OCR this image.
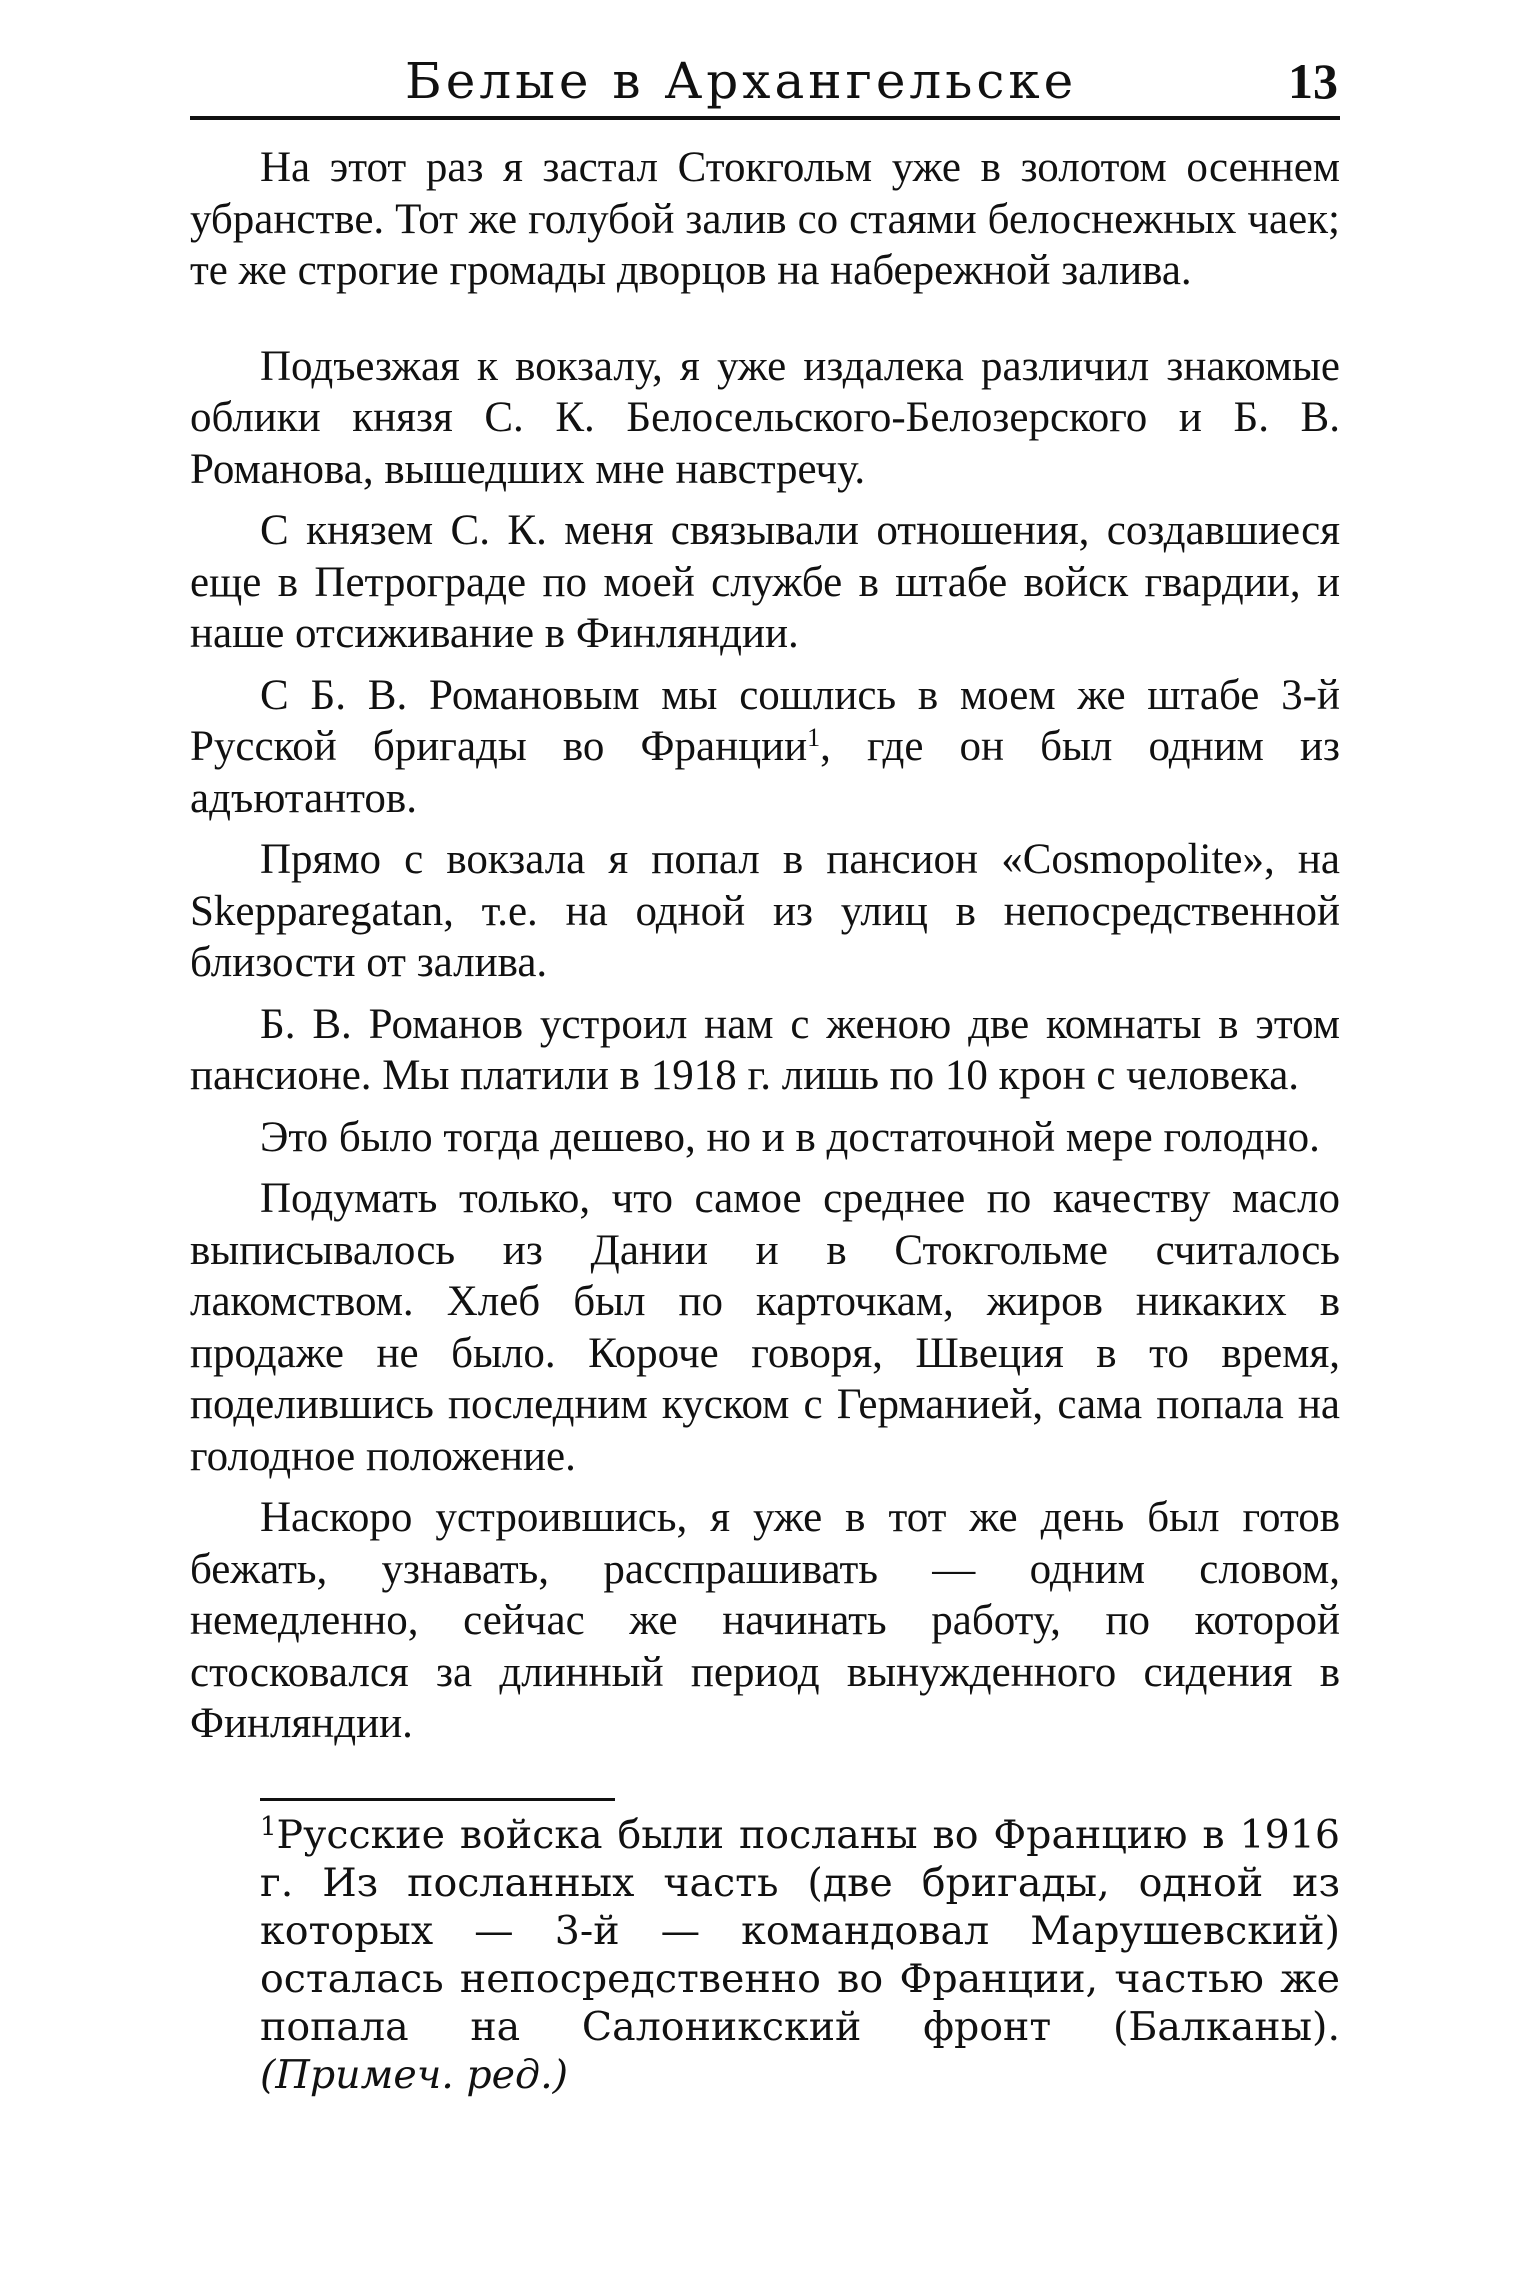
Белые в Архангельске	13

На этот раз я застал Стокгольм уже в золотом осеннем убранстве. Тот же голубой залив со стаями белоснежных чаек; те же строгие громады дворцов на набережной залива.

Подъезжая к вокзалу, я уже издалека различил знакомые облики князя С. К. Белосельского-Белозерского и Б. В. Романова, вышедших мне навстречу.

С князем С. К. меня связывали отношения, создавшиеся еще в Петрограде по моей службе в штабе войск гвардии, и наше отсиживание в Финляндии.

С Б. В. Романовым мы сошлись в моем же штабе 3-й Русской бригады во Франции$^1$, где он был одним из адъютантов.

Прямо с вокзала я попал в пансион «Cosmopolite», на Skepparegatan, т.е. на одной из улиц в непосредственной близости от залива.

Б. В. Романов устроил нам с женою две комнаты в этом пансионе. Мы платили в 1918 г. лишь по 10 крон с человека.

Это было тогда дешево, но и в достаточной мере голодно.

Подумать только, что самое среднее по качеству масло выписывалось из Дании и в Стокгольме считалось лакомством. Хлеб был по карточкам, жиров никаких в продаже не было. Короче говоря, Швеция в то время, поделившись последним куском с Германией, сама попала на голодное положение.

Наскоро устроившись, я уже в тот же день был готов бежать, узнавать, расспрашивать — одним словом, немедленно, сейчас же начинать работу, по которой стосковался за длинный период вынужденного сидения в Финляндии.

$^1$Русские войска были посланы во Францию в 1916 г. Из посланных часть (две бригады, одной из которых — 3-й — командовал Марушевский) осталась непосредственно во Франции, частью же попала на Салоникский фронт (Балканы). (Примеч. ред.)
